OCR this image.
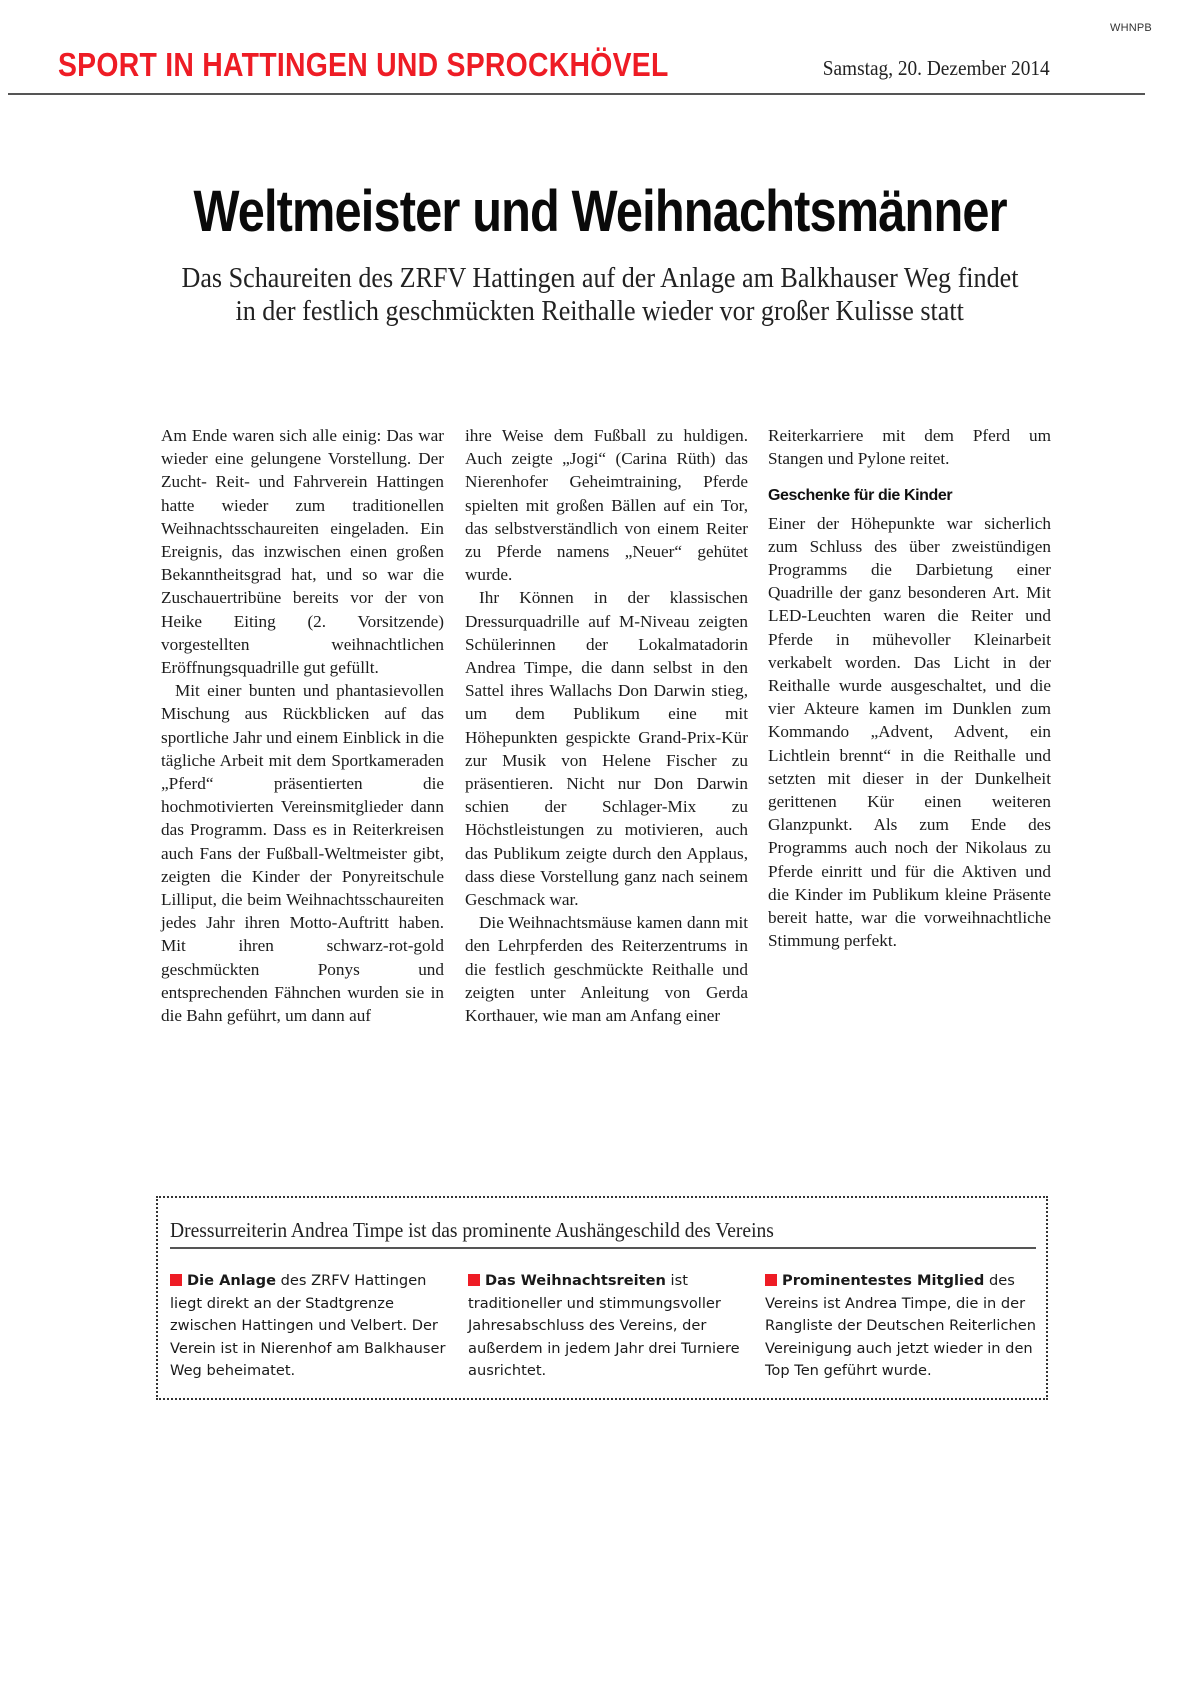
WHNPB
SPORT IN HATTINGEN UND SPROCKHÖVEL	Samstag, 20. Dezember 2014
Weltmeister und Weihnachtsmänner
Das Schaureiten des ZRFV Hattingen auf der Anlage am Balkhauser Weg findet
in der festlich geschmückten Reithalle wieder vor großer Kulisse statt

Am Ende waren sich alle einig: Das war wieder eine gelungene Vorstellung. Der Zucht- Reit- und Fahrverein Hattingen hatte wieder zum traditionellen Weihnachtsschaureiten eingeladen. Ein Ereignis, das inzwischen einen großen Bekanntheitsgrad hat, und so war die Zuschauertribüne bereits vor der von Heike Eiting (2. Vorsitzende) vorgestellten weihnachtlichen Eröffnungsquadrille gut gefüllt.

Mit einer bunten und phantasievollen Mischung aus Rückblicken auf das sportliche Jahr und einem Einblick in die tägliche Arbeit mit dem Sportkameraden „Pferd“ präsentierten die hochmotivierten Vereinsmitglieder dann das Programm. Dass es in Reiterkreisen auch Fans der Fußball-Weltmeister gibt, zeigten die Kinder der Ponyreitschule Lilliput, die beim Weihnachtsschaureiten jedes Jahr ihren Motto-Auftritt haben. Mit ihren schwarz-rot-gold geschmückten Ponys und entsprechenden Fähnchen wurden sie in die Bahn geführt, um dann auf

ihre Weise dem Fußball zu huldigen. Auch zeigte „Jogi“ (Carina Rüth) das Nierenhofer Geheimtraining, Pferde spielten mit großen Bällen auf ein Tor, das selbstverständlich von einem Reiter zu Pferde namens „Neuer“ gehütet wurde.

Ihr Können in der klassischen Dressurquadrille auf M-Niveau zeigten Schülerinnen der Lokalmatadorin Andrea Timpe, die dann selbst in den Sattel ihres Wallachs Don Darwin stieg, um dem Publikum eine mit Höhepunkten gespickte Grand-Prix-Kür zur Musik von Helene Fischer zu präsentieren. Nicht nur Don Darwin schien der Schlager-Mix zu Höchstleistungen zu motivieren, auch das Publikum zeigte durch den Applaus, dass diese Vorstellung ganz nach seinem Geschmack war.

Die Weihnachtsmäuse kamen dann mit den Lehrpferden des Reiterzentrums in die festlich geschmückte Reithalle und zeigten unter Anleitung von Gerda Korthauer, wie man am Anfang einer

Reiterkarriere mit dem Pferd um Stangen und Pylone reitet.

Geschenke für die Kinder

Einer der Höhepunkte war sicherlich zum Schluss des über zweistündigen Programms die Darbietung einer Quadrille der ganz besonderen Art. Mit LED-Leuchten waren die Reiter und Pferde in mühevoller Kleinarbeit verkabelt worden. Das Licht in der Reithalle wurde ausgeschaltet, und die vier Akteure kamen im Dunklen zum Kommando „Advent, Advent, ein Lichtlein brennt“ in die Reithalle und setzten mit dieser in der Dunkelheit gerittenen Kür einen weiteren Glanzpunkt. Als zum Ende des Programms auch noch der Nikolaus zu Pferde einritt und für die Aktiven und die Kinder im Publikum kleine Präsente bereit hatte, war die vorweihnachtliche Stimmung perfekt.

Dressurreiterin Andrea Timpe ist das prominente Aushängeschild des Vereins
Die Anlage des ZRFV Hattingen liegt direkt an der Stadtgrenze zwischen Hattingen und Velbert. Der Verein ist in Nierenhof am Balkhauser Weg beheimatet.
Das Weihnachtsreiten ist traditioneller und stimmungsvoller Jahresabschluss des Vereins, der außerdem in jedem Jahr drei Turniere ausrichtet.
Prominentestes Mitglied des Vereins ist Andrea Timpe, die in der Rangliste der Deutschen Reiterlichen Vereinigung auch jetzt wieder in den Top Ten geführt wurde.
